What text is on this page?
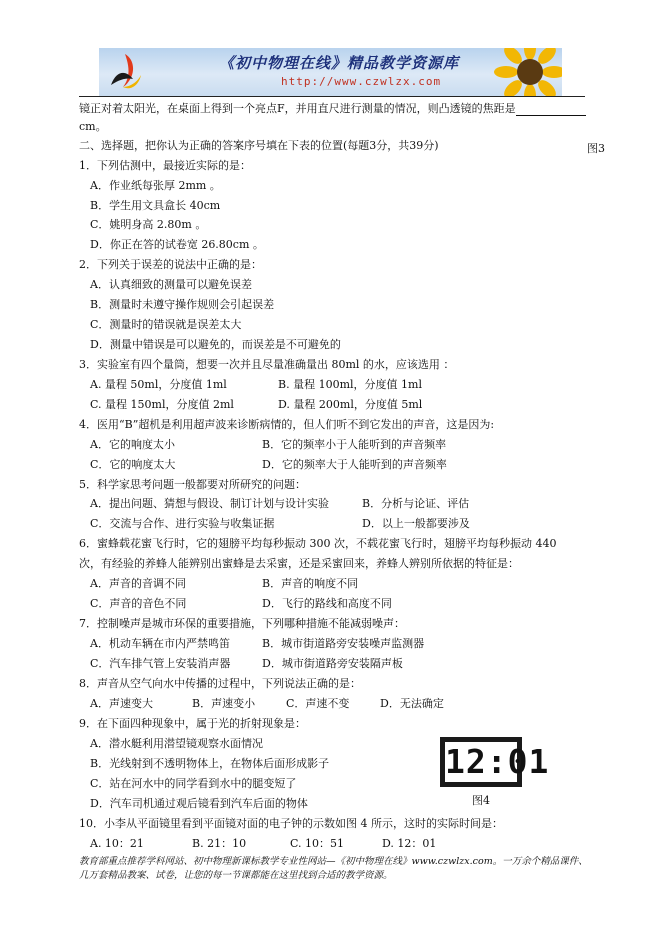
《初中物理在线》精品教学资源库
http://www.czwlzx.com
镜正对着太阳光，在桌面上得到一个亮点F，并用直尺进行测量的情况，则凸透镜的焦距是
cm。
二、选择题，把你认为正确的答案序号填在下表的位置(每题3分，共39分)	图3
1．下列估测中，最接近实际的是：
A．作业纸每张厚 2mm 。
B．学生用文具盒长 40cm
C．姚明身高 2.80m 。
D．你正在答的试卷宽 26.80cm 。
2．下列关于误差的说法中正确的是：
A．认真细致的测量可以避免误差
B．测量时未遵守操作规则会引起误差
C．测量时的错误就是误差太大
D．测量中错误是可以避免的，而误差是不可避免的
3．实验室有四个量筒，想要一次并且尽量准确量出 80ml 的水，应该选用 ：
A. 量程 50ml，分度值 1ml	B. 量程 100ml，分度值 1ml
C. 量程 150ml，分度值 2ml	D. 量程 200ml，分度值 5ml
4．医用“B”超机是利用超声波来诊断病情的，但人们听不到它发出的声音，这是因为:
A．它的响度太小	B．它的频率小于人能听到的声音频率
C．它的响度太大	D．它的频率大于人能听到的声音频率
5．科学家思考问题一般都要对所研究的问题：
A．提出问题、猜想与假设、制订计划与设计实验	B．分析与论证、评估
C．交流与合作、进行实验与收集证据	D．以上一般都要涉及
6．蜜蜂载花蜜飞行时，它的翅膀平均每秒振动 300 次，不载花蜜飞行时，翅膀平均每秒振动 440
次，有经验的养蜂人能辨别出蜜蜂是去采蜜，还是采蜜回来，养蜂人辨别所依据的特征是：
A．声音的音调不同	B．声音的响度不同
C．声音的音色不同	D．飞行的路线和高度不同
7．控制噪声是城市环保的重要措施，下列哪种措施不能减弱噪声：
A．机动车辆在市内严禁鸣笛	B．城市街道路旁安装噪声监测器
C．汽车排气管上安装消声器	D．城市街道路旁安装隔声板
8．声音从空气向水中传播的过程中，下列说法正确的是：
A．声速变大	B．声速变小	C．声速不变	D．无法确定
9．在下面四种现象中，属于光的折射现象是：
A．潜水艇利用潜望镜观察水面情况
B．光线射到不透明物体上，在物体后面形成影子
C．站在河水中的同学看到水中的腿变短了
D．汽车司机通过观后镜看到汽车后面的物体
12:01
图4
10．小李从平面镜里看到平面镜对面的电子钟的示数如图 4 所示，这时的实际时间是：
A. 10：21	B. 21：10	C. 10：51	D. 12：01
教育部重点推荐学科网站、初中物理新课标教学专业性网站—《初中物理在线》www.czwlzx.com。一万余个精品课件、
几万套精品教案、试卷，让您的每一节课都能在这里找到合适的教学资源。
